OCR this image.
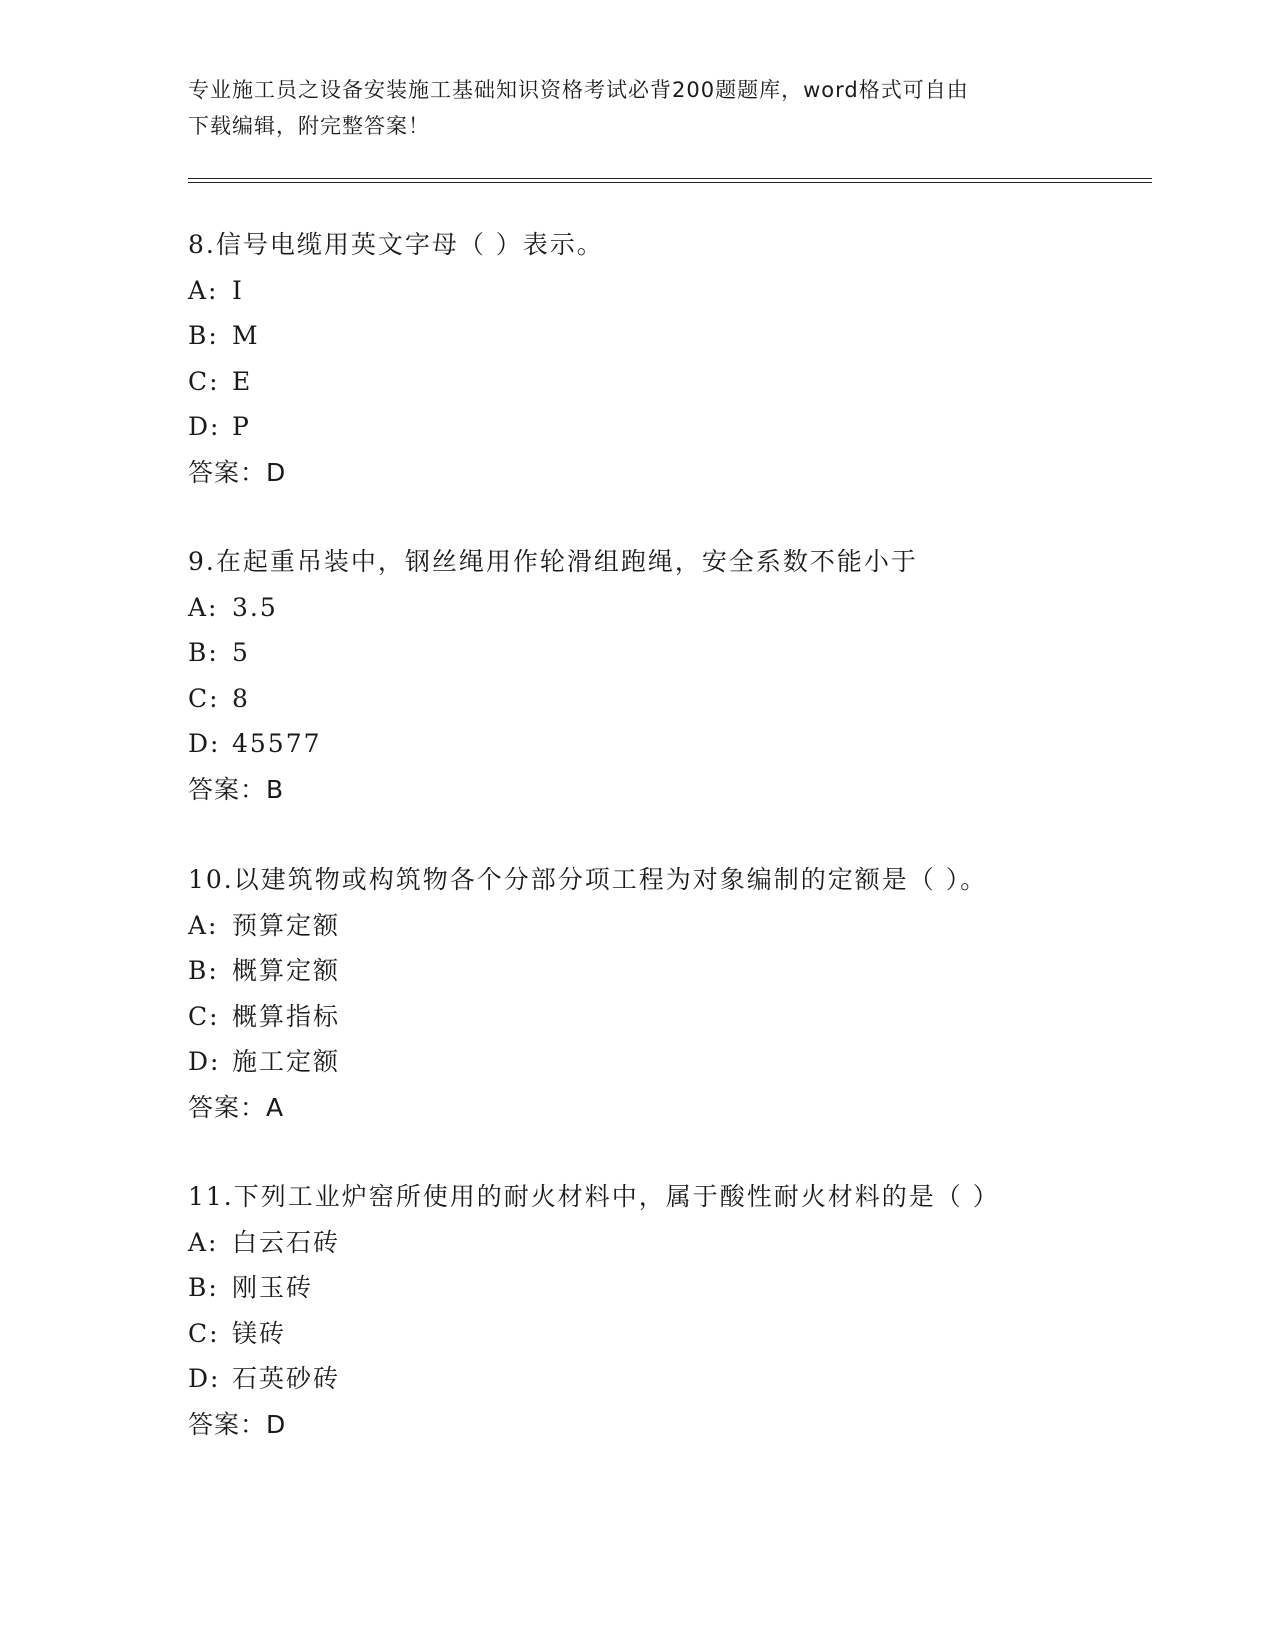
专业施工员之设备安装施工基础知识资格考试必背200题题库，word格式可自由
下载编辑，附完整答案！
8.信号电缆用英文字母（ ）表示。
A: I
B: M
C: E
D: P
答案：D
9.在起重吊装中，钢丝绳用作轮滑组跑绳，安全系数不能小于
A: 3.5
B: 5
C: 8
D: 45577
答案：B
10.以建筑物或构筑物各个分部分项工程为对象编制的定额是（ ）。
A: 预算定额
B: 概算定额
C: 概算指标
D: 施工定额
答案：A
11.下列工业炉窑所使用的耐火材料中，属于酸性耐火材料的是（ ）
A: 白云石砖
B: 刚玉砖
C: 镁砖
D: 石英砂砖
答案：D
